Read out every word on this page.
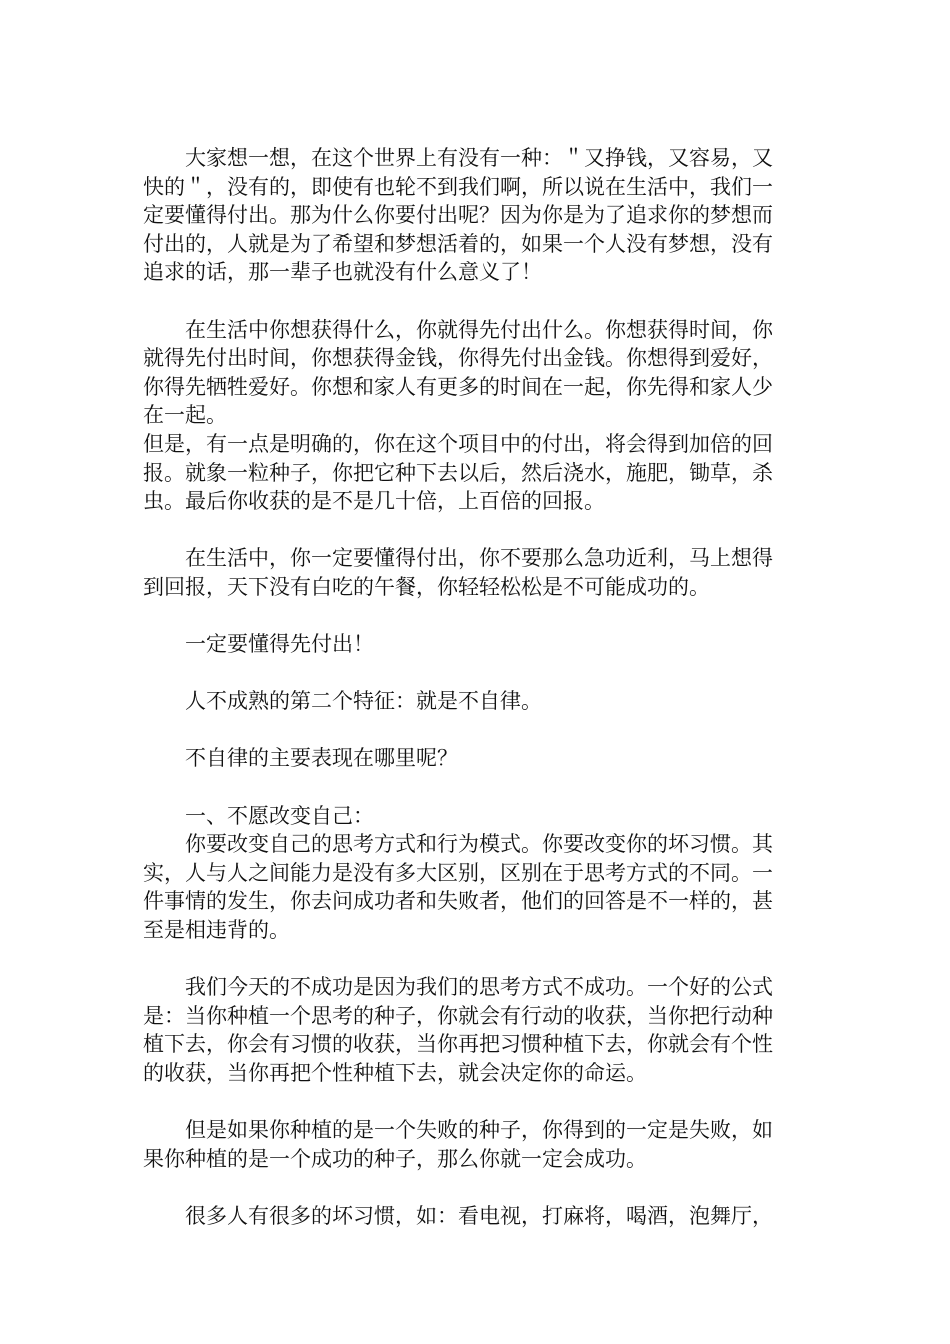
大家想一想，在这个世界上有没有一种：＂又挣钱，又容易，又快的＂，没有的，即使有也轮不到我们啊，所以说在生活中，我们一定要懂得付出。那为什么你要付出呢？因为你是为了追求你的梦想而付出的，人就是为了希望和梦想活着的，如果一个人没有梦想，没有追求的话，那一辈子也就没有什么意义了！

在生活中你想获得什么，你就得先付出什么。你想获得时间，你就得先付出时间，你想获得金钱，你得先付出金钱。你想得到爱好，你得先牺牲爱好。你想和家人有更多的时间在一起，你先得和家人少在一起。

但是，有一点是明确的，你在这个项目中的付出，将会得到加倍的回报。就象一粒种子，你把它种下去以后，然后浇水，施肥，锄草，杀虫。最后你收获的是不是几十倍，上百倍的回报。

在生活中，你一定要懂得付出，你不要那么急功近利，马上想得到回报，天下没有白吃的午餐，你轻轻松松是不可能成功的。

一定要懂得先付出！

人不成熟的第二个特征：就是不自律。

不自律的主要表现在哪里呢？

一、不愿改变自己：

你要改变自己的思考方式和行为模式。你要改变你的坏习惯。其实，人与人之间能力是没有多大区别，区别在于思考方式的不同。一件事情的发生，你去问成功者和失败者，他们的回答是不一样的，甚至是相违背的。

我们今天的不成功是因为我们的思考方式不成功。一个好的公式是：当你种植一个思考的种子，你就会有行动的收获，当你把行动种植下去，你会有习惯的收获，当你再把习惯种植下去，你就会有个性的收获，当你再把个性种植下去，就会决定你的命运。

但是如果你种植的是一个失败的种子，你得到的一定是失败，如果你种植的是一个成功的种子，那么你就一定会成功。

很多人有很多的坏习惯，如：看电视，打麻将，喝酒，泡舞厅，
